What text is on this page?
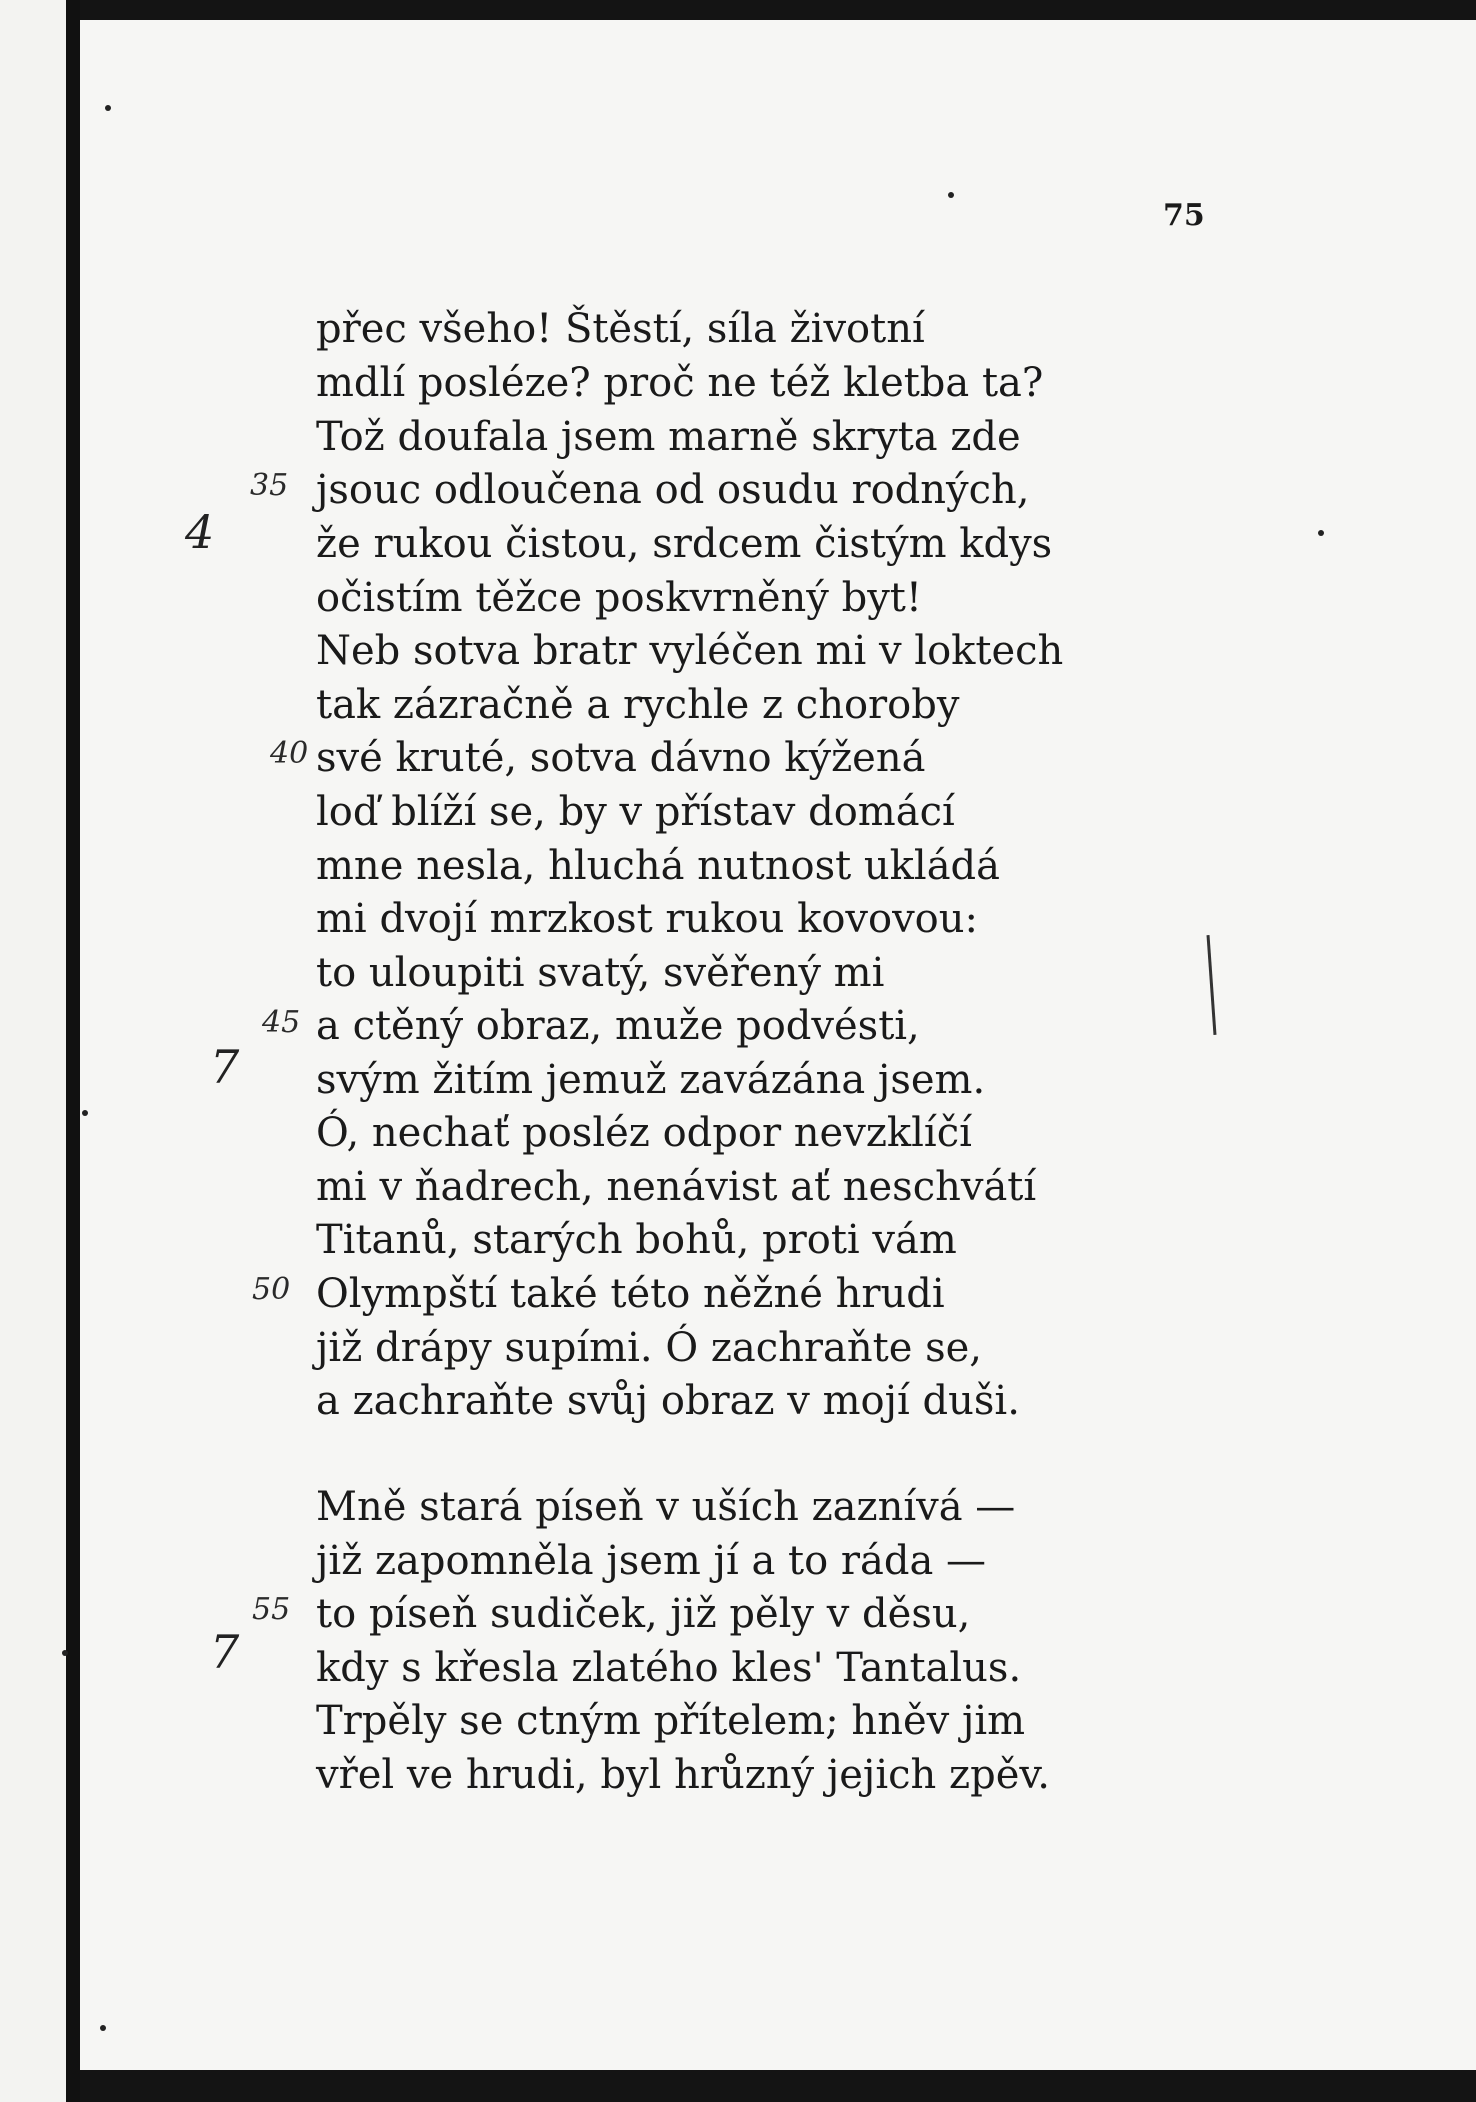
75
přec všeho! Štěstí, síla životní
mdlí posléze? proč ne též kletba ta?
Tož doufala jsem marně skryta zde
jsouc odloučena od osudu rodných,
že rukou čistou, srdcem čistým kdys
očistím těžce poskvrněný byt!
Neb sotva bratr vyléčen mi v loktech
tak zázračně a rychle z choroby
své kruté, sotva dávno kýžená
loď blíží se, by v přístav domácí
mne nesla, hluchá nutnost ukládá
mi dvojí mrzkost rukou kovovou:
to uloupiti svatý, svěřený mi
a ctěný obraz, muže podvésti,
svým žitím jemuž zavázána jsem.
Ó, nechať posléz odpor nevzklíčí
mi v ňadrech, nenávist ať neschvátí
Titanů, starých bohů, proti vám
Olympští také této něžné hrudi
již drápy supími. Ó zachraňte se,
a zachraňte svůj obraz v mojí duši.
Mně stará píseň v uších zaznívá —
již zapomněla jsem jí a to ráda —
to píseň sudiček, již pěly v děsu,
kdy s křesla zlatého kles' Tantalus.
Trpěly se ctným přítelem; hněv jim
vřel ve hrudi, byl hrůzný jejich zpěv.
35
4
40
45
7
50
55
7
